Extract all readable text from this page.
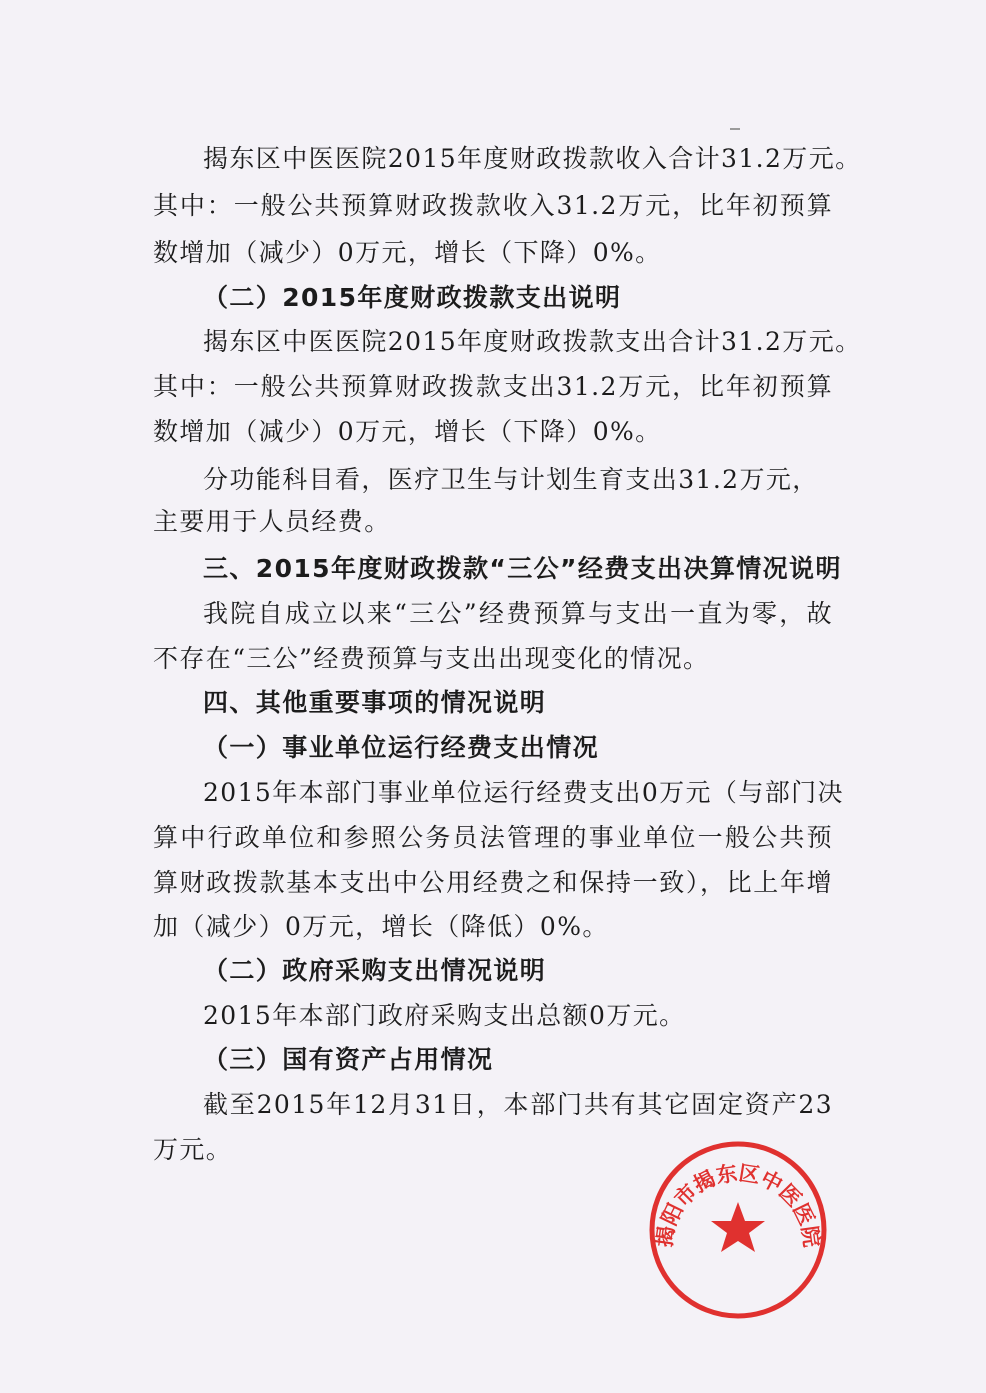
揭东区中医医院2015年度财政拨款收入合计31.2万元。
其中：一般公共预算财政拨款收入31.2万元，比年初预算
数增加（减少）0万元，增长（下降）0%。
（二）2015年度财政拨款支出说明
揭东区中医医院2015年度财政拨款支出合计31.2万元。
其中：一般公共预算财政拨款支出31.2万元，比年初预算
数增加（减少）0万元，增长（下降）0%。
分功能科目看，医疗卫生与计划生育支出31.2万元，
主要用于人员经费。
三、2015年度财政拨款“三公”经费支出决算情况说明
我院自成立以来“三公”经费预算与支出一直为零，故
不存在“三公”经费预算与支出出现变化的情况。
四、其他重要事项的情况说明
（一）事业单位运行经费支出情况
2015年本部门事业单位运行经费支出0万元（与部门决
算中行政单位和参照公务员法管理的事业单位一般公共预
算财政拨款基本支出中公用经费之和保持一致），比上年增
加（减少）0万元，增长（降低）0%。
（二）政府采购支出情况说明
2015年本部门政府采购支出总额0万元。
（三）国有资产占用情况
截至2015年12月31日，本部门共有其它固定资产23
万元。
揭阳市揭东区中医医院
